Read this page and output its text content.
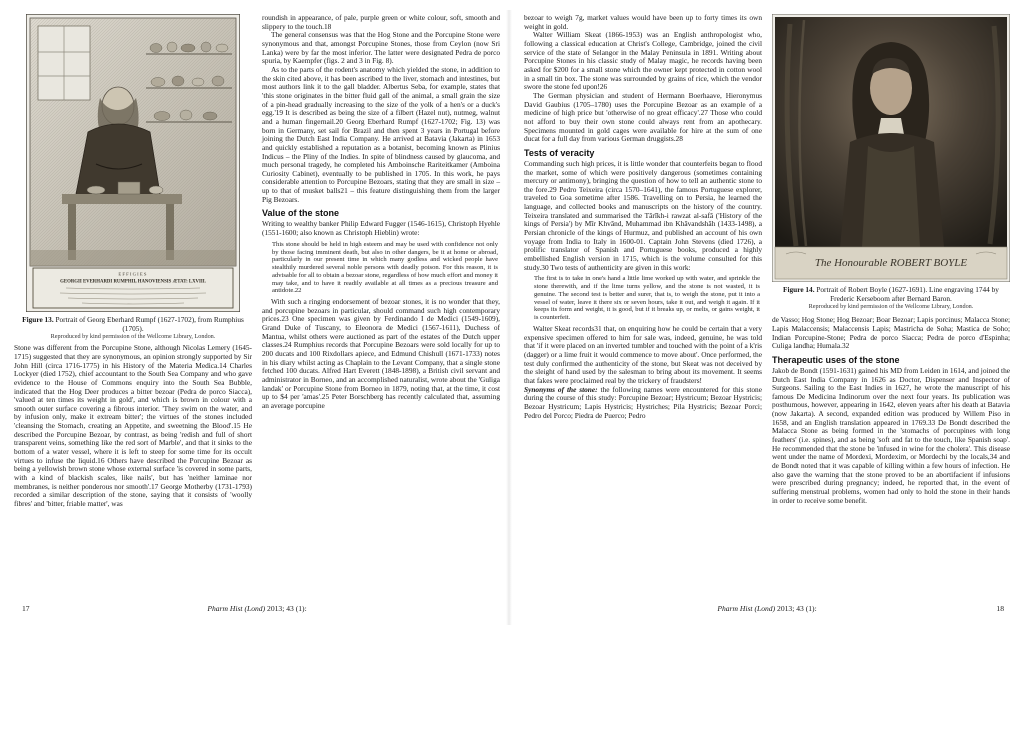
EFFIGIES
GEORGII EVERHARDI RUMPHII, HANOVIENSIS ÆTAT: LXVIII.
Figure 13. Portrait of Georg Eberhard Rumpf (1627-1702), from Rumphius (1705).
Reproduced by kind permission of the Wellcome Library, London.

Stone was different from the Porcupine Stone, although Nicolas Lemery (1645-1715) suggested that they are synonymous, an opinion strongly supported by Sir John Hill (circa 1716-1775) in his History of the Materia Medica.14 Charles Lockyer (died 1752), chief accountant to the South Sea Company and who gave evidence to the House of Commons enquiry into the South Sea Bubble, indicated that the Hog Deer produces a bitter bezoar (Pedra de porco Siacca), 'valued at ten times its weight in gold', and which is brown in colour with a smooth outer surface covering a fibrous interior. 'They swim on the water, and by infusion only, make it extream bitter'; the virtues of the stones included 'cleansing the Stomach, creating an Appetite, and sweetning the Blood'.15 He described the Porcupine Bezoar, by contrast, as being 'redish and full of short transparent veins, something like the red sort of Marble', and that it sinks to the bottom of a water vessel, where it is left to steep for some time for its occult virtues to infuse the liquid.16 Others have described the Porcupine Bezoar as being a yellowish brown stone whose external surface 'is covered in some parts, with a kind of blackish scales, like nails', but has 'neither laminae nor membranes, is neither ponderous nor smooth'.17 George Motherby (1731-1793) recorded a similar description of the stone, saying that it consists of 'woolly fibres' and 'bitter, friable matter', was

roundish in appearance, of pale, purple green or white colour, soft, smooth and slippery to the touch.18

The general consensus was that the Hog Stone and the Porcupine Stone were synonymous and that, amongst Porcupine Stones, those from Ceylon (now Sri Lanka) were by far the most inferior. The latter were designated Pedra de porco spuria, by Kaempfer (figs. 2 and 3 in Fig. 8).

As to the parts of the rodent's anatomy which yielded the stone, in addition to the skin cited above, it has been ascribed to the liver, stomach and intestines, but most authors link it to the gall bladder. Albertus Seba, for example, states that 'this stone originates in the bitter fluid gall of the animal, a small grain the size of a pin-head gradually increasing to the size of the yolk of a hen's or a duck's egg.'19 It is described as being the size of a filbert (Hazel nut), nutmeg, walnut and a human fingernail.20 Georg Eberhard Rumpf (1627-1702; Fig. 13) was born in Germany, set sail for Brazil and then spent 3 years in Portugal before joining the Dutch East India Company. He arrived at Batavia (Jakarta) in 1653 and quickly established a reputation as a botanist, becoming known as Plinius Indicus – the Pliny of the Indies. In spite of blindness caused by glaucoma, and much personal tragedy, he completed his Amboinsche Rariteitkamer (Amboina Curiosity Cabinet), eventually to be published in 1705. In this work, he pays considerable attention to Porcupine Bezoars, stating that they are small in size – up to that of musket balls21 – this feature distinguishing them from the larger Pig Bezoars.

Value of the stone

Writing to wealthy banker Philip Edward Fugger (1546-1615), Christoph Hyehle (1551-1600; also known as Christoph Hieblin) wrote:

This stone should be held in high esteem and may be used with confidence not only by those facing imminent death, but also in other dangers, be it at home or abroad, particularly in our present time in which many godless and wicked people have stealthily murdered several noble persons with deadly poison. For this reason, it is advisable for all to obtain a bezoar stone, regardless of how much effort and money it may take, and to have it readily available at all times as a precious treasure and antidote.22

With such a ringing endorsement of bezoar stones, it is no wonder that they, and porcupine bezoars in particular, should command such high contemporary prices.23 One specimen was given by Ferdinando I de Medici (1549-1609), Grand Duke of Tuscany, to Eleonora de Medici (1567-1611), Duchess of Mantua, whilst others were auctioned as part of the estates of the Dutch upper classes.24 Rumphius records that Porcupine Bezoars were sold locally for up to 200 ducats and 100 Rixdollars apiece, and Edmund Chishull (1671-1733) notes in his diary whilst acting as Chaplain to the Levant Company, that a single stone fetched 100 ducats. Alfred Hart Everett (1848-1898), a British civil servant and administrator in Borneo, and an accomplished naturalist, wrote about the 'Guliga landak' or Porcupine Stone from Borneo in 1879, noting that, at the time, it cost up to $4 per 'amas'.25 Peter Borschberg has recently calculated that, assuming an average porcupine

17	Pharm Hist (Lond) 2013; 43 (1):

bezoar to weigh 7g, market values would have been up to forty times its own weight in gold.

Walter William Skeat (1866-1953) was an English anthropologist who, following a classical education at Christ's College, Cambridge, joined the civil service of the state of Selangor in the Malay Peninsula in 1891. Writing about Porcupine Stones in his classic study of Malay magic, he records having been asked for $200 for a small stone which the owner kept protected in cotton wool in a small tin box. The stone was surrounded by grains of rice, which the vendor swore the stone fed upon!26

The German physician and student of Hermann Boerhaave, Hieronymus David Gaubius (1705–1780) uses the Porcupine Bezoar as an example of a medicine of high price but 'otherwise of no great efficacy'.27 Those who could not afford to buy their own stone could always rent from an apothecary. Specimens mounted in gold cages were available for hire at the sum of one ducat for a full day from various German druggists.28

Tests of veracity

Commanding such high prices, it is little wonder that counterfeits began to flood the market, some of which were positively dangerous (sometimes containing mercury or antimony), bringing the question of how to tell an authentic stone to the fore.29 Pedro Teixeira (circa 1570–1641), the famous Portuguese explorer, traveled to Goa sometime after 1586. Travelling on to Persia, he learned the language, and collected books and manuscripts on the history of the country. Teixeira translated and summarised the Tārīkh-i rawzat al-safā ('History of the kings of Persia') by Mīr Khvānd, Muhammad ibn Khāvandshāh (1433-1498), a Persian chronicle of the kings of Hurmuz, and published an account of his own voyage from India to Italy in 1600-01. Captain John Stevens (died 1726), a prolific translator of Spanish and Portuguese books, produced a highly embellished English version in 1715, which is the volume consulted for this study.30 Two tests of authenticity are given in this work:

The first is to take in one's hand a little lime worked up with water, and sprinkle the stone therewith, and if the lime turns yellow, and the stone is not wasted, it is genuine. The second test is better and surer, that is, to weigh the stone, put it into a vessel of water, leave it there six or seven hours, take it out, and weigh it again. If it keeps its form and weight, it is good, but if it breaks up, or melts, or gains weight, it is counterfeit.

Walter Skeat records31 that, on enquiring how he could be certain that a very expensive specimen offered to him for sale was, indeed, genuine, he was told that 'if it were placed on an inverted tumbler and touched with the point of a k'ris (dagger) or a lime fruit it would commence to move about'. Once performed, the test duly confirmed the authenticity of the stone, but Skeat was not deceived by the sleight of hand used by the salesman to bring about its movement. It seems that fakes were proclaimed real by the trickery of fraudsters!

Synonyms of the stone: the following names were encountered for this stone during the course of this study: Porcupine Bezoar; Hystricum; Bezoar Hystricis; Bezoar Hystricum; Lapis Hystricis; Hystriches; Pila Hystricis; Bezoar Porci; Pedro del Porco; Piedra de Puerco; Pedro

The Honourable ROBERT BOYLE
Figure 14. Portrait of Robert Boyle (1627-1691). Line engraving 1744 by Frederic Kerseboom after Bernard Baron.
Reproduced by kind permission of the Wellcome Library, London.

de Vasso; Hog Stone; Hog Bezoar; Boar Bezoar; Lapis porcinus; Malacca Stone; Lapis Malaccensis; Malaccensis Lapis; Mastricha de Soha; Mastica de Soho; Indian Porcupine-Stone; Pedra de porco Siacca; Pedra de porco d'Espinha; Culiga landha; Humala.32

Therapeutic uses of the stone

Jakob de Bondt (1591-1631) gained his MD from Leiden in 1614, and joined the Dutch East India Company in 1626 as Doctor, Dispenser and Inspector of Surgeons. Sailing to the East Indies in 1627, he wrote the manuscript of his famous De Medicina Indinorum over the next four years. Its publication was posthumous, however, appearing in 1642, eleven years after his death at Batavia (now Jakarta). A second, expanded edition was produced by Willem Piso in 1658, and an English translation appeared in 1769.33 De Bondt described the Malacca Stone as being formed in the 'stomachs of porcupines with long feathers' (i.e. spines), and as being 'soft and fat to the touch, like Spanish soap'. He recommended that the stone be 'infused in wine for the cholera'. This disease went under the name of Mordexi, Mordexim, or Mordechi by the locals,34 and de Bondt noted that it was capable of killing within a few hours of infection. He also gave the warning that the stone proved to be an abortifacient if infusions were prescribed during pregnancy; indeed, he reported that, in the event of suffering menstrual problems, women had only to hold the stone in their hands in order to receive some benefit.

Pharm Hist (Lond) 2013; 43 (1):	18
